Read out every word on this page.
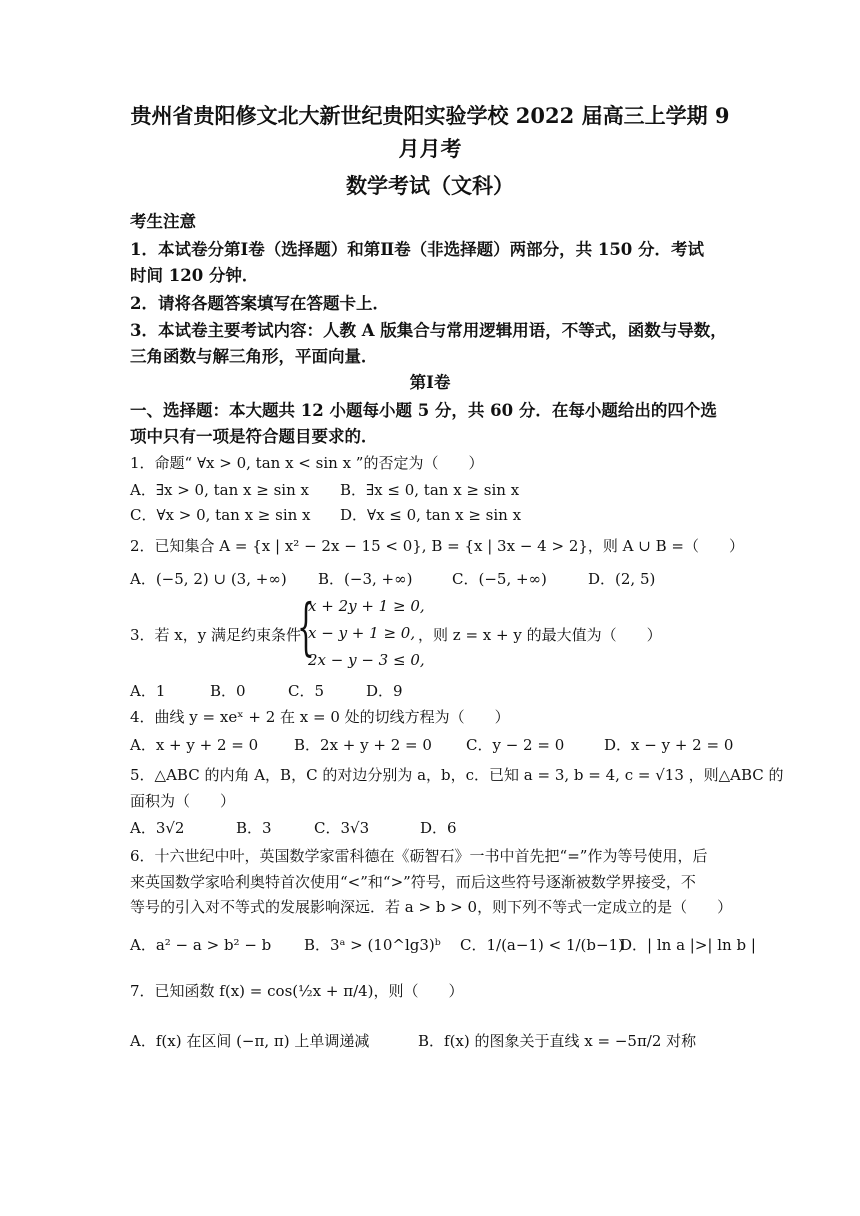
贵州省贵阳修文北大新世纪贵阳实验学校 2022 届高三上学期 9
月月考
数学考试（文科）
考生注意
1．本试卷分第Ⅰ卷（选择题）和第Ⅱ卷（非选择题）两部分，共 150 分．考试
时间 120 分钟．
2．请将各题答案填写在答题卡上．
3．本试卷主要考试内容：人教 A 版集合与常用逻辑用语，不等式，函数与导数，
三角函数与解三角形，平面向量．
第Ⅰ卷
一、选择题：本大题共 12 小题每小题 5 分，共 60 分．在每小题给出的四个选
项中只有一项是符合题目要求的．
1．命题“ ∀x > 0, tan x < sin x ”的否定为（　　）
A．∃x > 0, tan x ≥ sin x B．∃x ≤ 0, tan x ≥ sin x
C．∀x > 0, tan x ≥ sin x D．∀x ≤ 0, tan x ≥ sin x
2．已知集合 A = {x | x² − 2x − 15 < 0}, B = {x | 3x − 4 > 2}，则 A ∪ B =（　　）
A．(−5, 2) ∪ (3, +∞) B．(−3, +∞)	C．(−5, +∞)	D．(2, 5)
3．若 x，y 满足约束条件
{
x + 2y + 1 ≥ 0,
x − y + 1 ≥ 0,
2x − y − 3 ≤ 0,
，则 z = x + y 的最大值为（　　）
A．1	B．0	C．5	D．9
4．曲线 y = xeˣ + 2 在 x = 0 处的切线方程为（　　）
A．x + y + 2 = 0 B．2x + y + 2 = 0 C．y − 2 = 0	D．x − y + 2 = 0
5．△ABC 的内角 A，B，C 的对边分别为 a，b，c．已知 a = 3, b = 4, c = √13 ，则△ABC 的
面积为（　　）
A．3√2	B．3	C．3√3	D．6
6．十六世纪中叶，英国数学家雷科德在《砺智石》一书中首先把“=”作为等号使用，后
来英国数学家哈利奥特首次使用“<”和“>”符号，而后这些符号逐渐被数学界接受，不
等号的引入对不等式的发展影响深远．若 a > b > 0，则下列不等式一定成立的是（　　）
A．a² − a > b² − b B．3ᵃ > (10^lg3)ᵇ C．1/(a−1) < 1/(b−1)
D．| ln a |>| ln b |
7．已知函数 f(x) = cos(½x + π/4)，则（　　）
A．f(x) 在区间 (−π, π) 上单调递减	B．f(x) 的图象关于直线 x = −5π/2 对称
